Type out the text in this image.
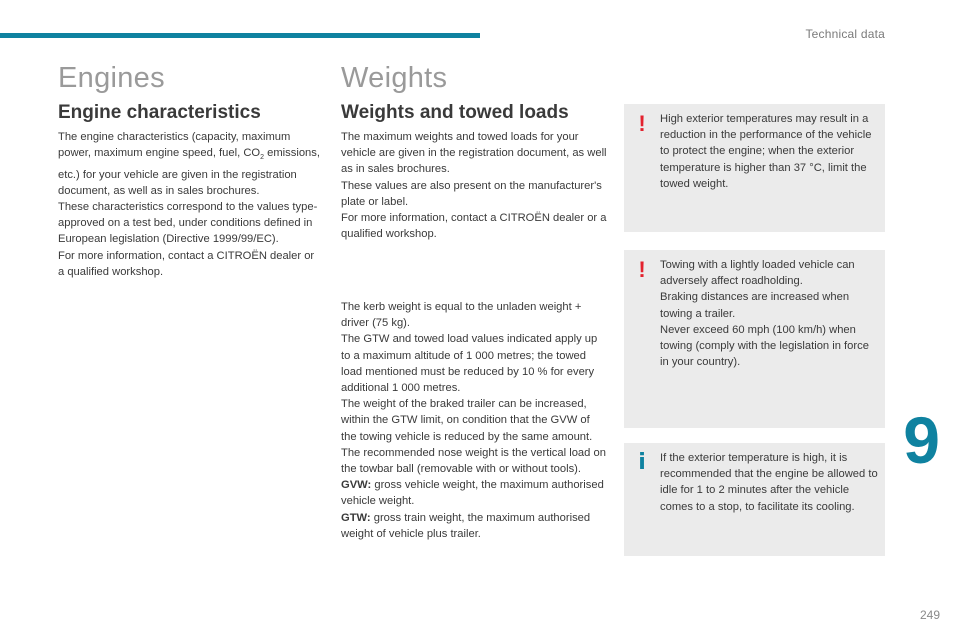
Technical data
Engines
Engine characteristics

The engine characteristics (capacity, maximum power, maximum engine speed, fuel, $CO_2$ emissions, etc.) for your vehicle are given in the registration document, as well as in sales brochures.

These characteristics correspond to the values type-approved on a test bed, under conditions defined in European legislation (Directive 1999/99/EC).

For more information, contact a CITROËN dealer or a qualified workshop.

Weights
Weights and towed loads

The maximum weights and towed loads for your vehicle are given in the registration document, as well as in sales brochures.

These values are also present on the manufacturer's plate or label.

For more information, contact a CITROËN dealer or a qualified workshop.

The kerb weight is equal to the unladen weight + driver (75 kg).

The GTW and towed load values indicated apply up to a maximum altitude of 1 000 metres; the towed load mentioned must be reduced by 10 % for every additional 1 000 metres.

The weight of the braked trailer can be increased, within the GTW limit, on condition that the GVW of the towing vehicle is reduced by the same amount.

The recommended nose weight is the vertical load on the towbar ball (removable with or without tools).

GVW: gross vehicle weight, the maximum authorised vehicle weight.

GTW: gross train weight, the maximum authorised weight of vehicle plus trailer.

! High exterior temperatures may result in a reduction in the performance of the vehicle to protect the engine; when the exterior temperature is higher than 37 °C, limit the towed weight.

! Towing with a lightly loaded vehicle can adversely affect roadholding.

Braking distances are increased when towing a trailer.

Never exceed 60 mph (100 km/h) when towing (comply with the legislation in force in your country).

i If the exterior temperature is high, it is recommended that the engine be allowed to idle for 1 to 2 minutes after the vehicle comes to a stop, to facilitate its cooling.

9
249
